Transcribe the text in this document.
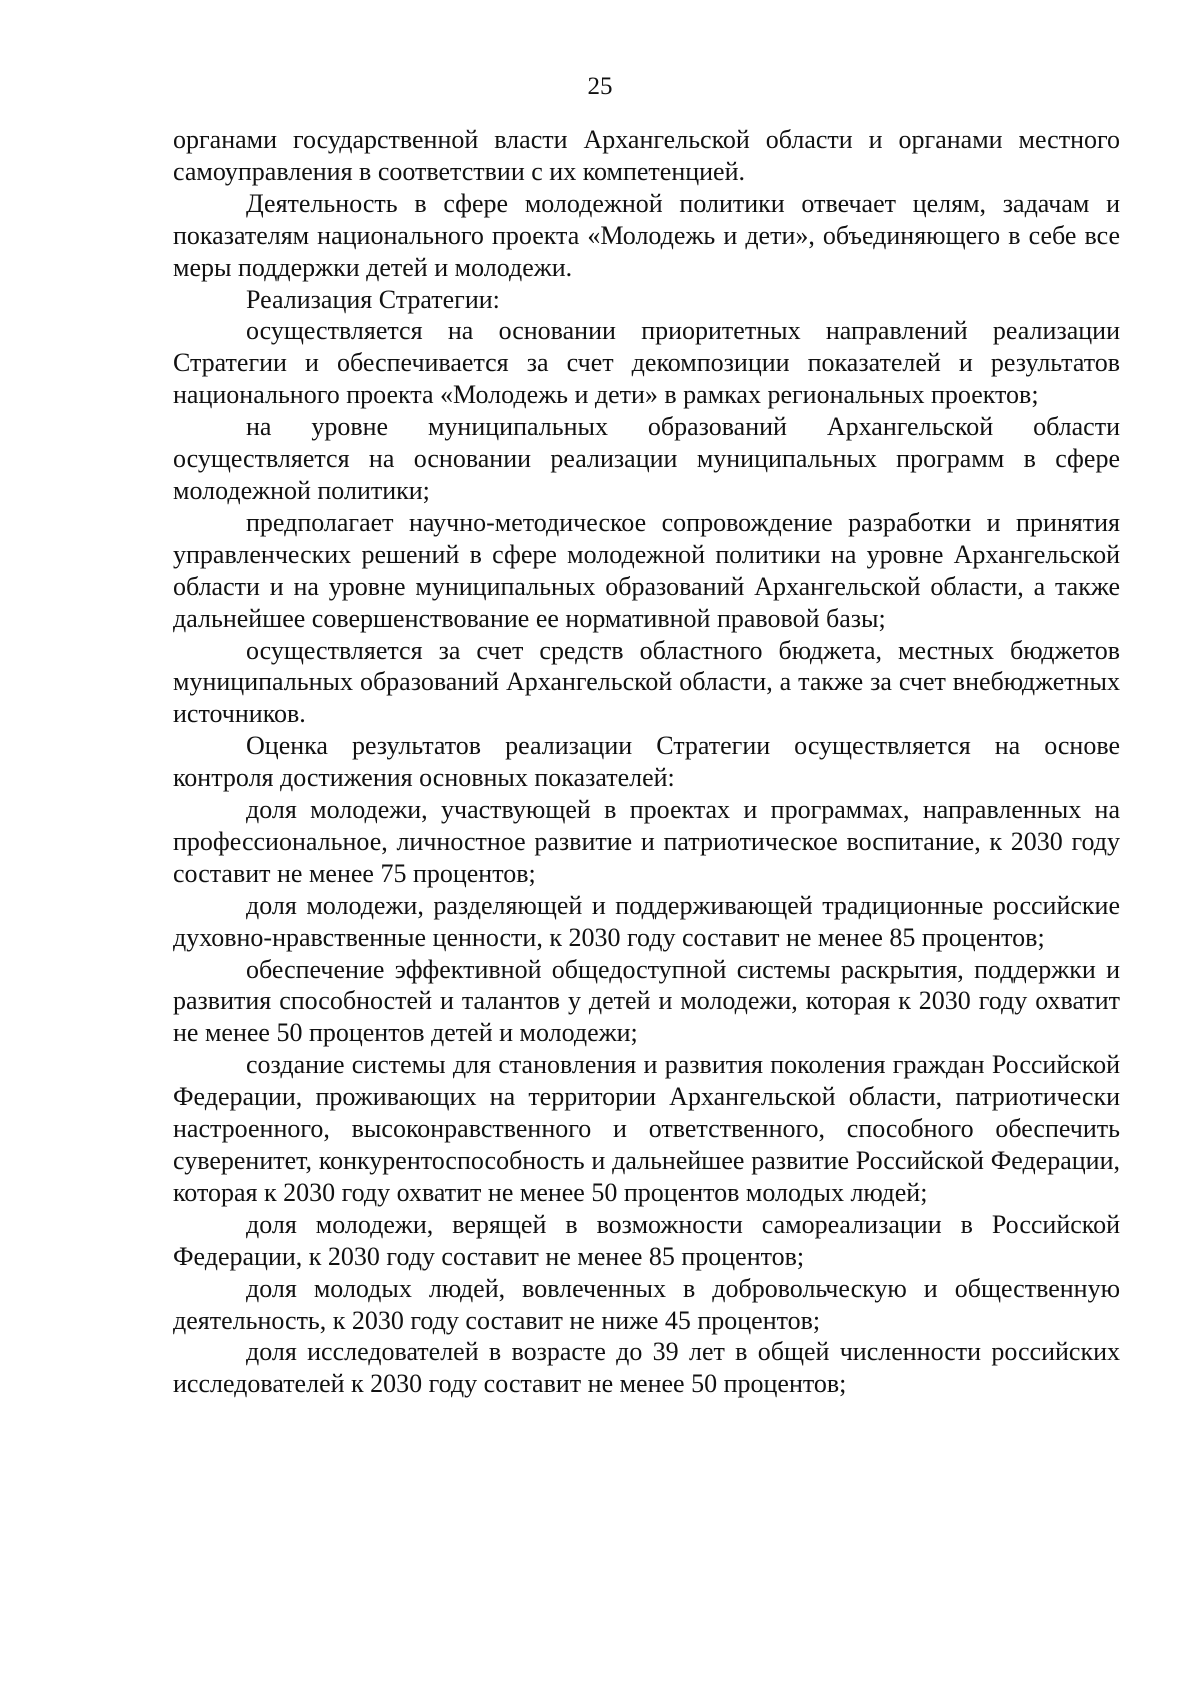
25

органами государственной власти Архангельской области и органами местного самоуправления в соответствии с их компетенцией.

Деятельность в сфере молодежной политики отвечает целям, задачам и показателям национального проекта «Молодежь и дети», объединяющего в себе все меры поддержки детей и молодежи.

Реализация Стратегии:

осуществляется на основании приоритетных направлений реализации Стратегии и обеспечивается за счет декомпозиции показателей и результатов национального проекта «Молодежь и дети» в рамках региональных проектов;

на уровне муниципальных образований Архангельской области осуществляется на основании реализации муниципальных программ в сфере молодежной политики;

предполагает научно-методическое сопровождение разработки и принятия управленческих решений в сфере молодежной политики на уровне Архангельской области и на уровне муниципальных образований Архангельской области, а также дальнейшее совершенствование ее нормативной правовой базы;

осуществляется за счет средств областного бюджета, местных бюджетов муниципальных образований Архангельской области, а также за счет внебюджетных источников.

Оценка результатов реализации Стратегии осуществляется на основе контроля достижения основных показателей:

доля молодежи, участвующей в проектах и программах, направленных на профессиональное, личностное развитие и патриотическое воспитание, к 2030 году составит не менее 75 процентов;

доля молодежи, разделяющей и поддерживающей традиционные российские духовно-нравственные ценности, к 2030 году составит не менее 85 процентов;

обеспечение эффективной общедоступной системы раскрытия, поддержки и развития способностей и талантов у детей и молодежи, которая к 2030 году охватит не менее 50 процентов детей и молодежи;

создание системы для становления и развития поколения граждан Российской Федерации, проживающих на территории Архангельской области, патриотически настроенного, высоконравственного и ответственного, способного обеспечить суверенитет, конкурентоспособность и дальнейшее развитие Российской Федерации, которая к 2030 году охватит не менее 50 процентов молодых людей;

доля молодежи, верящей в возможности самореализации в Российской Федерации, к 2030 году составит не менее 85 процентов;

доля молодых людей, вовлеченных в добровольческую и общественную деятельность, к 2030 году составит не ниже 45 процентов;

доля исследователей в возрасте до 39 лет в общей численности российских исследователей к 2030 году составит не менее 50 процентов;
